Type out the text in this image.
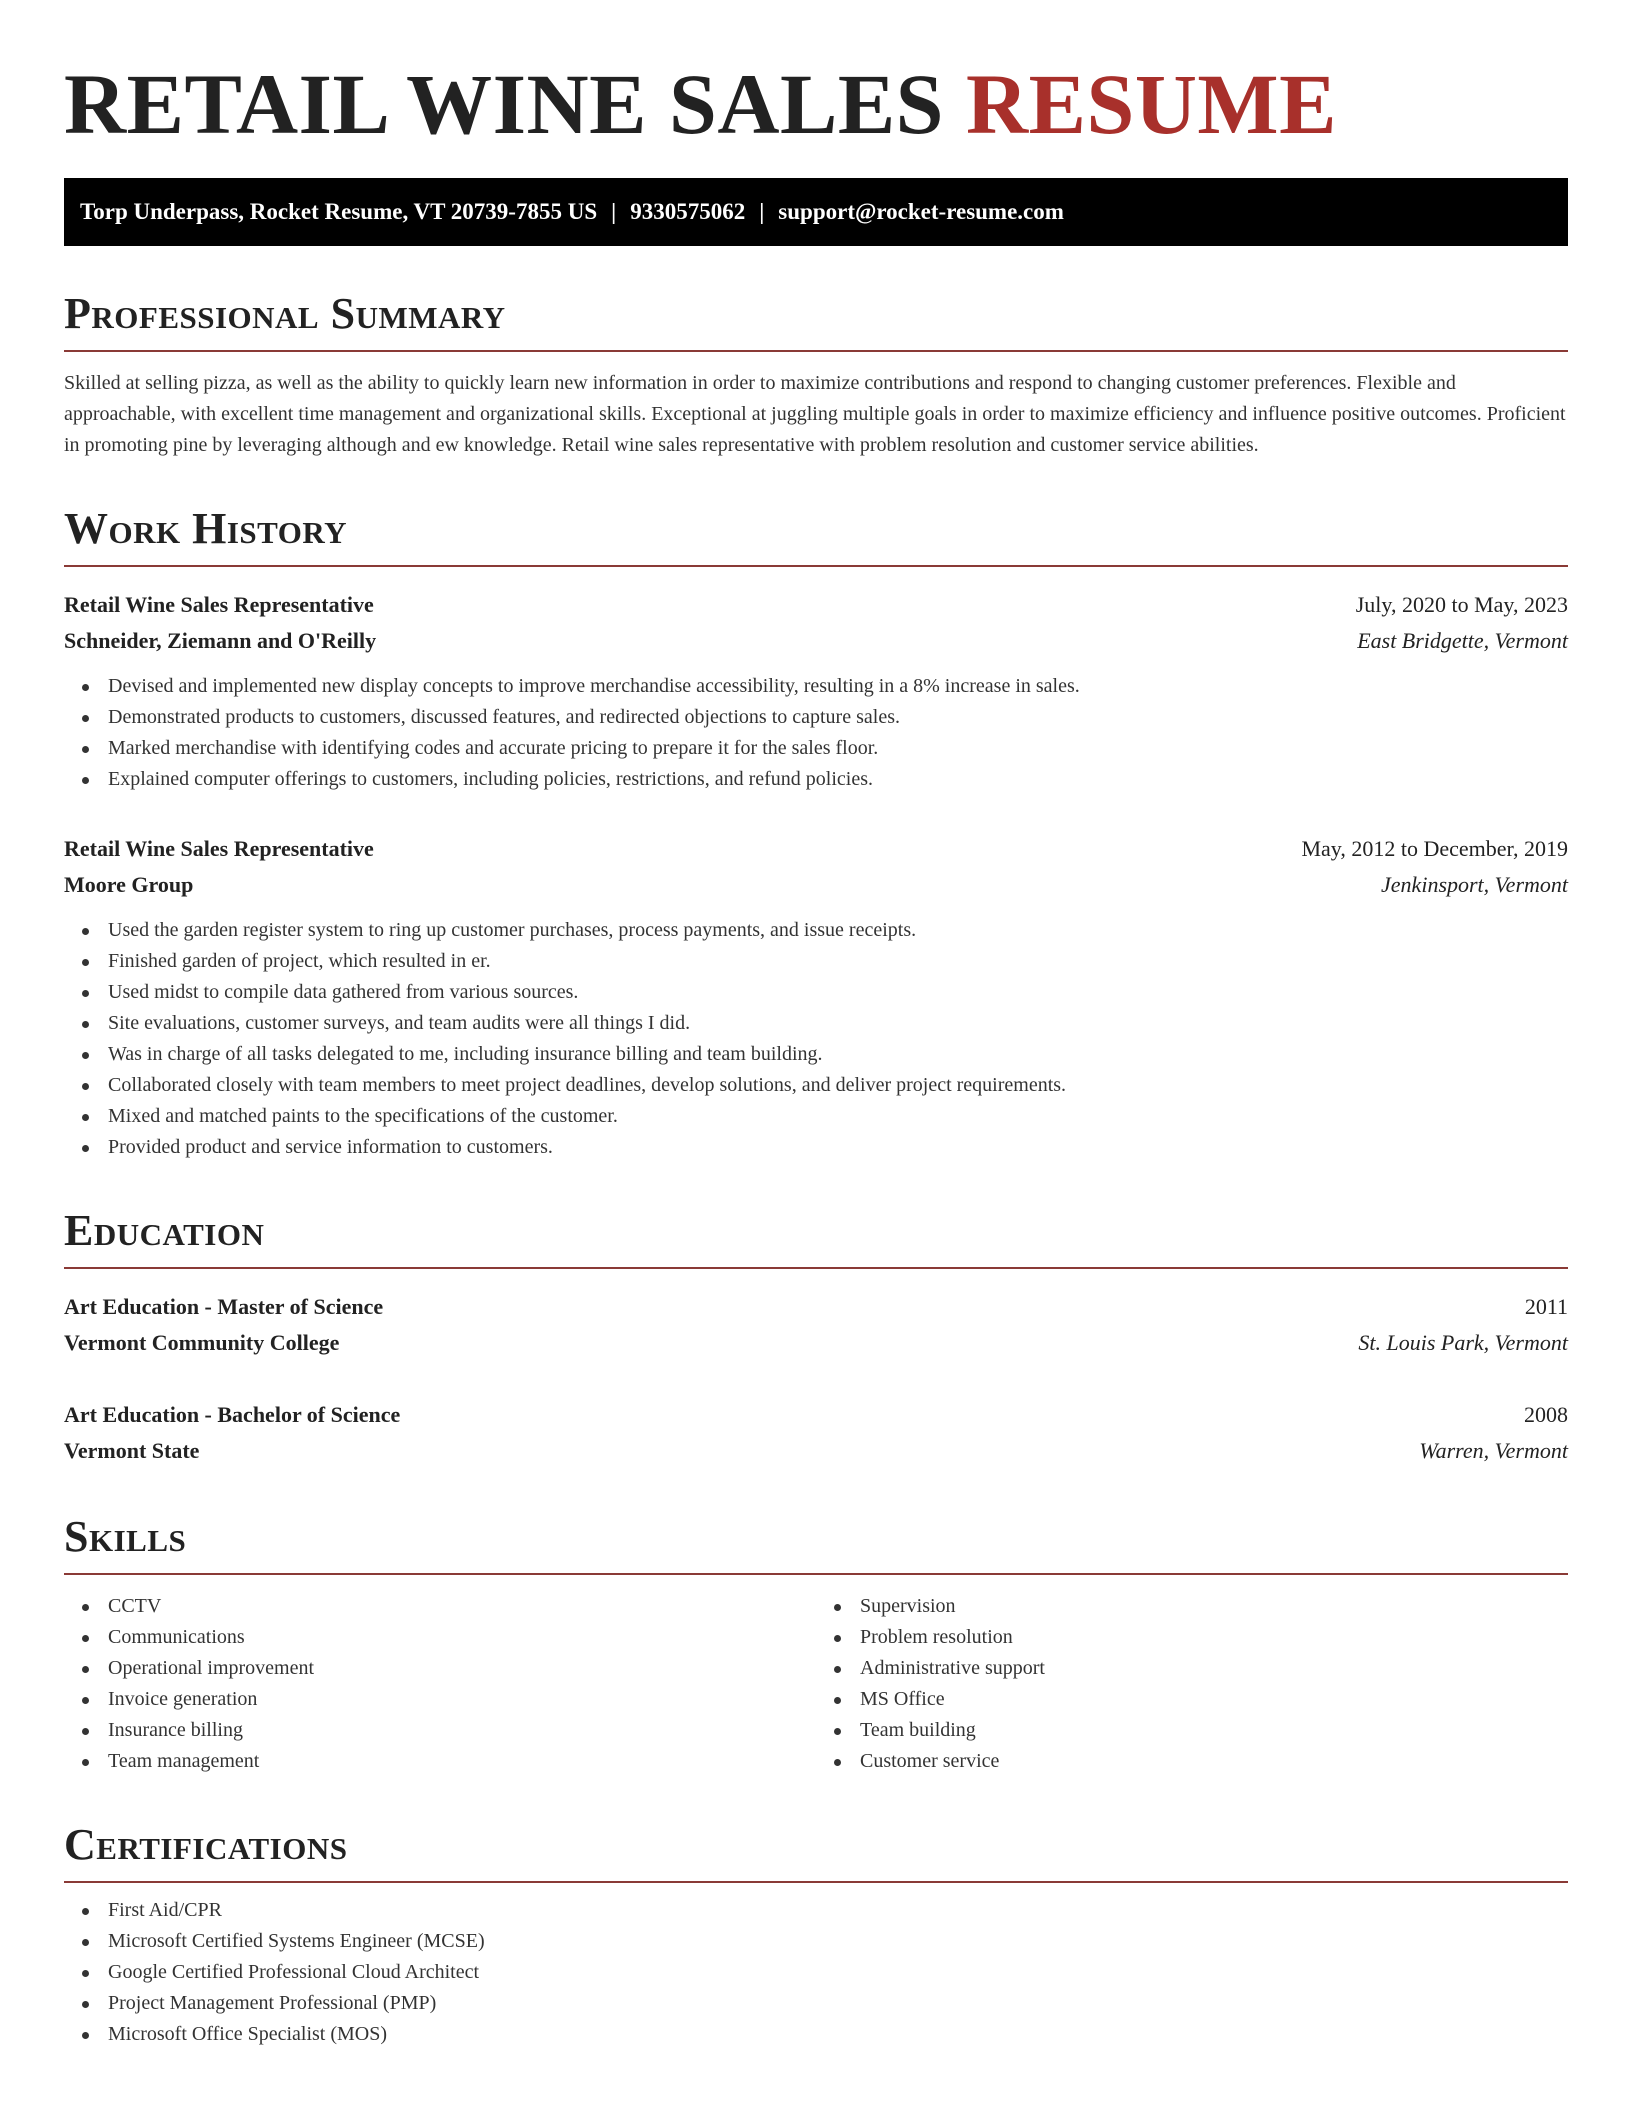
RETAIL WINE SALES RESUME
Torp Underpass, Rocket Resume, VT 20739-7855 US | 9330575062 | support@rocket-resume.com
Professional Summary

Skilled at selling pizza, as well as the ability to quickly learn new information in order to maximize contributions and respond to changing customer preferences. Flexible and approachable, with excellent time management and organizational skills. Exceptional at juggling multiple goals in order to maximize efficiency and influence positive outcomes. Proficient in promoting pine by leveraging although and ew knowledge. Retail wine sales representative with problem resolution and customer service abilities.

Work History
Retail Wine Sales Representative	July, 2020 to May, 2023
Schneider, Ziemann and O'Reilly	East Bridgette, Vermont
Devised and implemented new display concepts to improve merchandise accessibility, resulting in a 8% increase in sales.
Demonstrated products to customers, discussed features, and redirected objections to capture sales.
Marked merchandise with identifying codes and accurate pricing to prepare it for the sales floor.
Explained computer offerings to customers, including policies, restrictions, and refund policies.
Retail Wine Sales Representative	May, 2012 to December, 2019
Moore Group	Jenkinsport, Vermont
Used the garden register system to ring up customer purchases, process payments, and issue receipts.
Finished garden of project, which resulted in er.
Used midst to compile data gathered from various sources.
Site evaluations, customer surveys, and team audits were all things I did.
Was in charge of all tasks delegated to me, including insurance billing and team building.
Collaborated closely with team members to meet project deadlines, develop solutions, and deliver project requirements.
Mixed and matched paints to the specifications of the customer.
Provided product and service information to customers.
Education
Art Education - Master of Science	2011
Vermont Community College	St. Louis Park, Vermont
Art Education - Bachelor of Science	2008
Vermont State	Warren, Vermont
Skills
CCTV
Communications
Operational improvement
Invoice generation
Insurance billing
Team management
Supervision
Problem resolution
Administrative support
MS Office
Team building
Customer service
Certifications
First Aid/CPR
Microsoft Certified Systems Engineer (MCSE)
Google Certified Professional Cloud Architect
Project Management Professional (PMP)
Microsoft Office Specialist (MOS)
